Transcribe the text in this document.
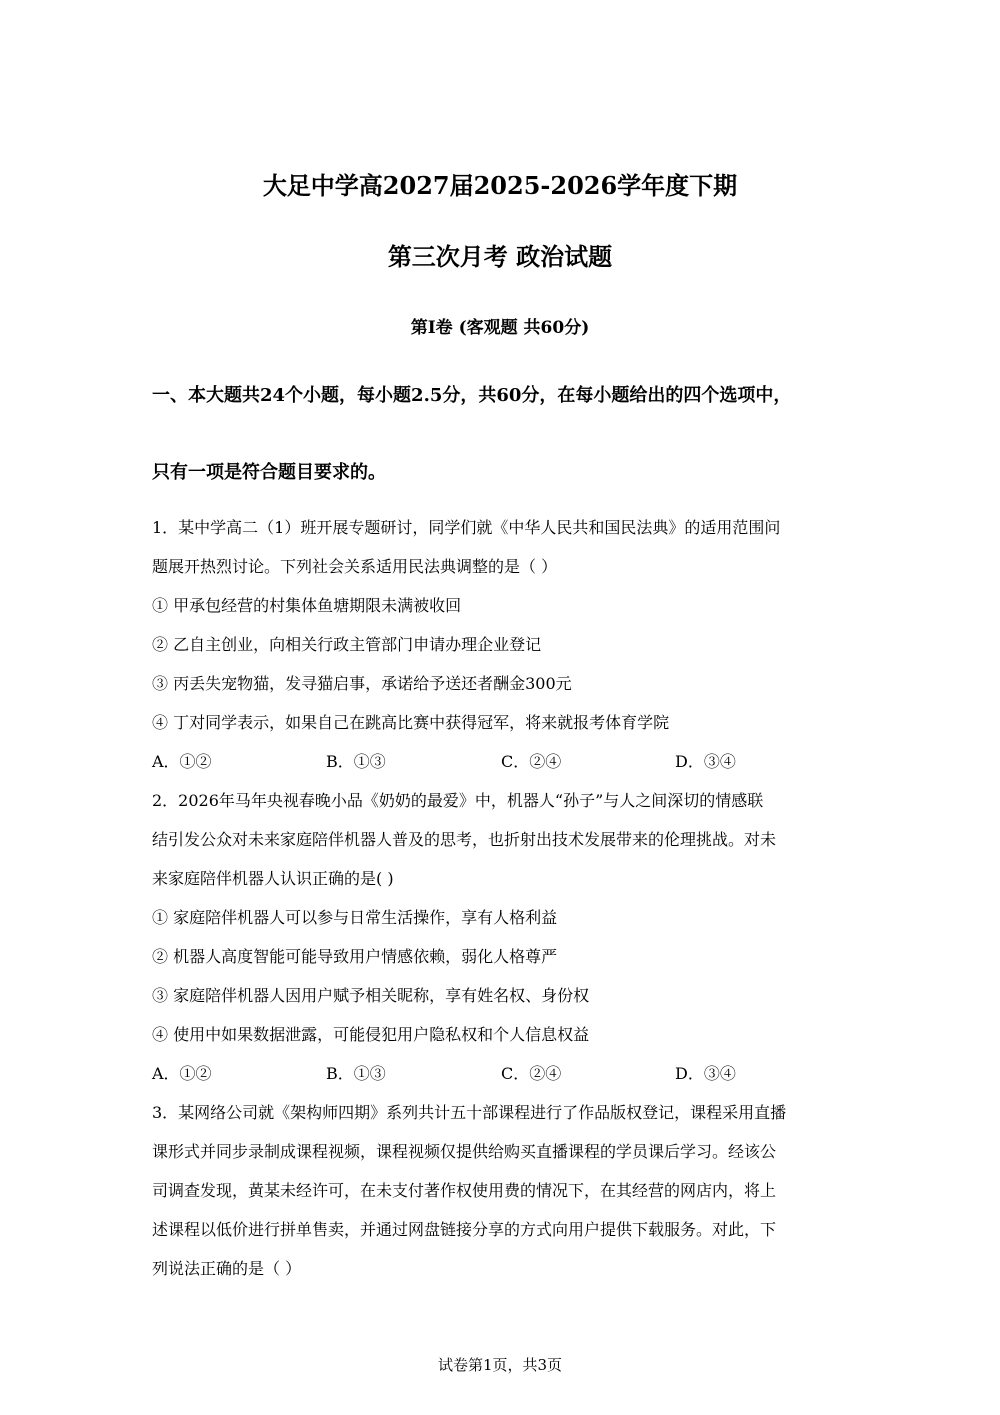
大足中学高2027届2025-2026学年度下期
第三次月考 政治试题
第I卷 (客观题 共60分)
一、本大题共24个小题，每小题2.5分，共60分，在每小题给出的四个选项中，
只有一项是符合题目要求的。
1．某中学高二（1）班开展专题研讨，同学们就《中华人民共和国民法典》的适用范围问
题展开热烈讨论。下列社会关系适用民法典调整的是（ ）
① 甲承包经营的村集体鱼塘期限未满被收回
② 乙自主创业，向相关行政主管部门申请办理企业登记
③ 丙丢失宠物猫，发寻猫启事，承诺给予送还者酬金300元
④ 丁对同学表示，如果自己在跳高比赛中获得冠军，将来就报考体育学院
A．①②	B．①③	C．②④	D．③④
2．2026年马年央视春晚小品《奶奶的最爱》中，机器人“孙子”与人之间深切的情感联
结引发公众对未来家庭陪伴机器人普及的思考，也折射出技术发展带来的伦理挑战。对未
来家庭陪伴机器人认识正确的是( )
① 家庭陪伴机器人可以参与日常生活操作，享有人格利益
② 机器人高度智能可能导致用户情感依赖，弱化人格尊严
③ 家庭陪伴机器人因用户赋予相关昵称，享有姓名权、身份权
④ 使用中如果数据泄露，可能侵犯用户隐私权和个人信息权益
A．①②	B．①③	C．②④	D．③④
3．某网络公司就《架构师四期》系列共计五十部课程进行了作品版权登记，课程采用直播
课形式并同步录制成课程视频，课程视频仅提供给购买直播课程的学员课后学习。经该公
司调查发现，黄某未经许可，在未支付著作权使用费的情况下，在其经营的网店内，将上
述课程以低价进行拼单售卖，并通过网盘链接分享的方式向用户提供下载服务。对此，下
列说法正确的是（ ）
试卷第1页，共3页
